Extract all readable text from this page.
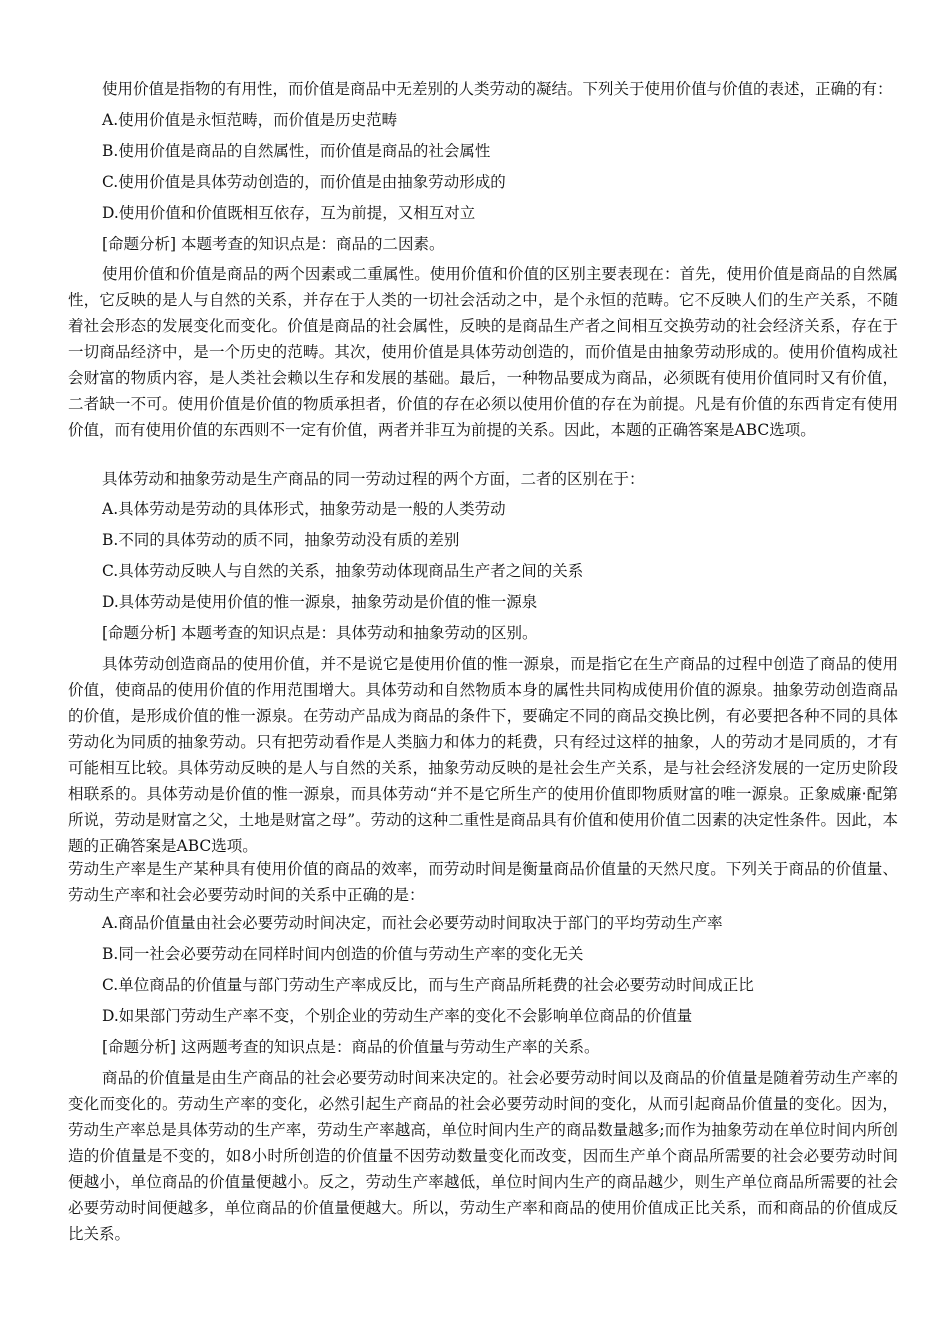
使用价值是指物的有用性，而价值是商品中无差别的人类劳动的凝结。下列关于使用价值与价值的表述，正确的有：

A.使用价值是永恒范畴，而价值是历史范畴

B.使用价值是商品的自然属性，而价值是商品的社会属性

C.使用价值是具体劳动创造的，而价值是由抽象劳动形成的

D.使用价值和价值既相互依存，互为前提，又相互对立

[命题分析] 本题考查的知识点是：商品的二因素。

使用价值和价值是商品的两个因素或二重属性。使用价值和价值的区别主要表现在：首先，使用价值是商品的自然属性，它反映的是人与自然的关系，并存在于人类的一切社会活动之中，是个永恒的范畴。它不反映人们的生产关系，不随着社会形态的发展变化而变化。价值是商品的社会属性，反映的是商品生产者之间相互交换劳动的社会经济关系，存在于一切商品经济中，是一个历史的范畴。其次，使用价值是具体劳动创造的，而价值是由抽象劳动形成的。使用价值构成社会财富的物质内容，是人类社会赖以生存和发展的基础。最后，一种物品要成为商品，必须既有使用价值同时又有价值，二者缺一不可。使用价值是价值的物质承担者，价值的存在必须以使用价值的存在为前提。凡是有价值的东西肯定有使用价值，而有使用价值的东西则不一定有价值，两者并非互为前提的关系。因此，本题的正确答案是ABC选项。

具体劳动和抽象劳动是生产商品的同一劳动过程的两个方面，二者的区别在于：

A.具体劳动是劳动的具体形式，抽象劳动是一般的人类劳动

B.不同的具体劳动的质不同，抽象劳动没有质的差别

C.具体劳动反映人与自然的关系，抽象劳动体现商品生产者之间的关系

D.具体劳动是使用价值的惟一源泉，抽象劳动是价值的惟一源泉

[命题分析] 本题考查的知识点是：具体劳动和抽象劳动的区别。

具体劳动创造商品的使用价值，并不是说它是使用价值的惟一源泉，而是指它在生产商品的过程中创造了商品的使用价值，使商品的使用价值的作用范围增大。具体劳动和自然物质本身的属性共同构成使用价值的源泉。抽象劳动创造商品的价值，是形成价值的惟一源泉。在劳动产品成为商品的条件下，要确定不同的商品交换比例，有必要把各种不同的具体劳动化为同质的抽象劳动。只有把劳动看作是人类脑力和体力的耗费，只有经过这样的抽象，人的劳动才是同质的，才有可能相互比较。具体劳动反映的是人与自然的关系，抽象劳动反映的是社会生产关系，是与社会经济发展的一定历史阶段相联系的。具体劳动是价值的惟一源泉，而具体劳动“并不是它所生产的使用价值即物质财富的唯一源泉。正象威廉·配第所说，劳动是财富之父，土地是财富之母”。劳动的这种二重性是商品具有价值和使用价值二因素的决定性条件。因此，本题的正确答案是ABC选项。

劳动生产率是生产某种具有使用价值的商品的效率，而劳动时间是衡量商品价值量的天然尺度。下列关于商品的价值量、劳动生产率和社会必要劳动时间的关系中正确的是：

A.商品价值量由社会必要劳动时间决定，而社会必要劳动时间取决于部门的平均劳动生产率

B.同一社会必要劳动在同样时间内创造的价值与劳动生产率的变化无关

C.单位商品的价值量与部门劳动生产率成反比，而与生产商品所耗费的社会必要劳动时间成正比

D.如果部门劳动生产率不变，个别企业的劳动生产率的变化不会影响单位商品的价值量

[命题分析] 这两题考查的知识点是：商品的价值量与劳动生产率的关系。

商品的价值量是由生产商品的社会必要劳动时间来决定的。社会必要劳动时间以及商品的价值量是随着劳动生产率的变化而变化的。劳动生产率的变化，必然引起生产商品的社会必要劳动时间的变化，从而引起商品价值量的变化。因为，劳动生产率总是具体劳动的生产率，劳动生产率越高，单位时间内生产的商品数量越多;而作为抽象劳动在单位时间内所创造的价值量是不变的，如8小时所创造的价值量不因劳动数量变化而改变，因而生产单个商品所需要的社会必要劳动时间便越小，单位商品的价值量便越小。反之，劳动生产率越低，单位时间内生产的商品越少，则生产单位商品所需要的社会必要劳动时间便越多，单位商品的价值量便越大。所以，劳动生产率和商品的使用价值成正比关系，而和商品的价值成反比关系。
